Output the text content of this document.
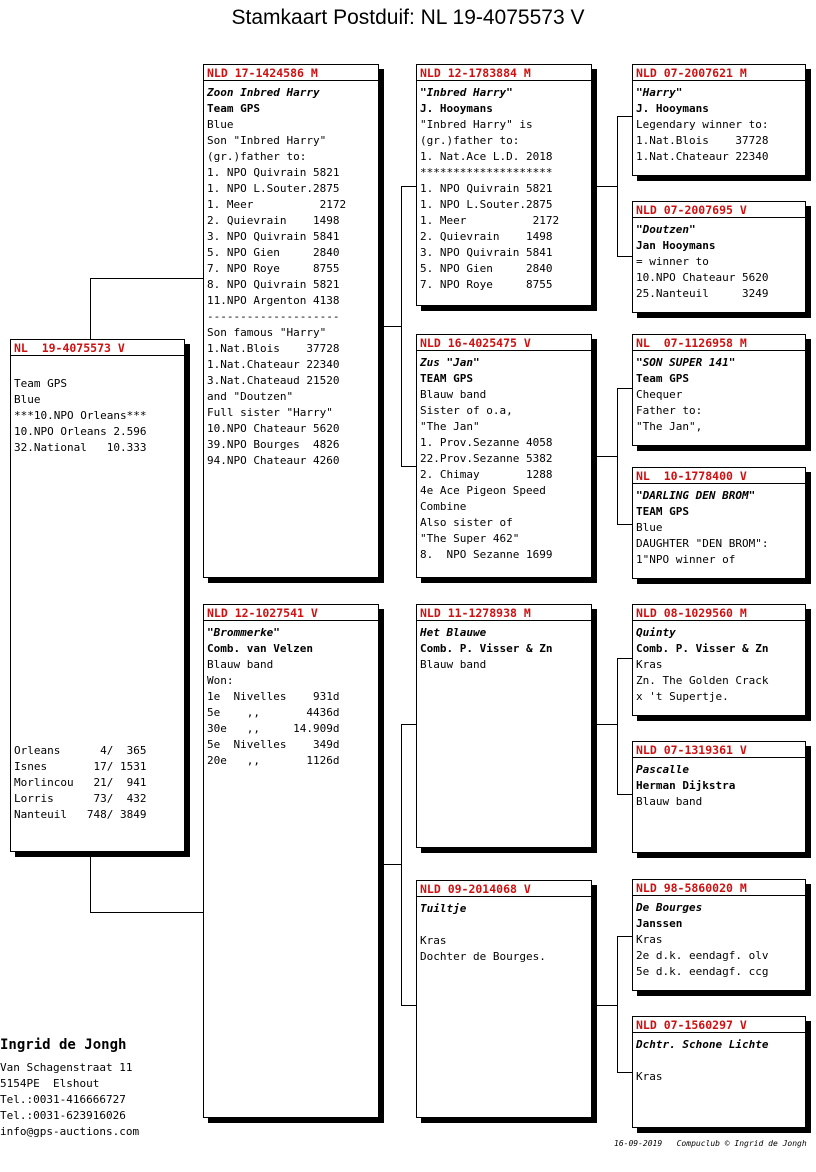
Stamkaart Postduif: NL 19-4075573 V
NL  19-4075573 V
Team GPS
Blue
***10.NPO Orleans***
10.NPO Orleans 2.596
32.National   10.333
Orleans      4/  365
Isnes       17/ 1531
Morlincou   21/  941
Lorris      73/  432
Nanteuil   748/ 3849
NLD 17-1424586 M
Zoon Inbred Harry
Team GPS
Blue
Son "Inbred Harry"
(gr.)father to:
1. NPO Quivrain 5821
1. NPO L.Souter.2875
1. Meer          2172
2. Quievrain    1498
3. NPO Quivrain 5841
5. NPO Gien     2840
7. NPO Roye     8755
8. NPO Quivrain 5821
11.NPO Argenton 4138
--------------------
Son famous "Harry"
1.Nat.Blois    37728
1.Nat.Chateaur 22340
3.Nat.Chateaud 21520
and "Doutzen"
Full sister "Harry"
10.NPO Chateaur 5620
39.NPO Bourges  4826
94.NPO Chateaur 4260
NLD 12-1027541 V
"Brommerke"
Comb. van Velzen
Blauw band
Won:
1e  Nivelles    931d
5e    ,,       4436d
30e   ,,     14.909d
5e  Nivelles    349d
20e   ,,       1126d
NLD 12-1783884 M
"Inbred Harry"
J. Hooymans
"Inbred Harry" is
(gr.)father to:
1. Nat.Ace L.D. 2018
********************
1. NPO Quivrain 5821
1. NPO L.Souter.2875
1. Meer          2172
2. Quievrain    1498
3. NPO Quivrain 5841
5. NPO Gien     2840
7. NPO Roye     8755
NLD 16-4025475 V
Zus "Jan"
TEAM GPS
Blauw band
Sister of o.a,
"The Jan"
1. Prov.Sezanne 4058
22.Prov.Sezanne 5382
2. Chimay       1288
4e Ace Pigeon Speed
Combine
Also sister of
"The Super 462"
8.  NPO Sezanne 1699
NLD 11-1278938 M
Het Blauwe
Comb. P. Visser & Zn
Blauw band
NLD 09-2014068 V
Tuiltje
Kras
Dochter de Bourges.
NLD 07-2007621 M
"Harry"
J. Hooymans
Legendary winner to:
1.Nat.Blois    37728
1.Nat.Chateaur 22340
NLD 07-2007695 V
"Doutzen"
Jan Hooymans
= winner to
10.NPO Chateaur 5620
25.Nanteuil     3249
NL  07-1126958 M
"SON SUPER 141"
Team GPS
Chequer
Father to:
"The Jan",
NL  10-1778400 V
"DARLING DEN BROM"
TEAM GPS
Blue
DAUGHTER "DEN BROM":
1"NPO winner of
NLD 08-1029560 M
Quinty
Comb. P. Visser & Zn
Kras
Zn. The Golden Crack
x 't Supertje.
NLD 07-1319361 V
Pascalle
Herman Dijkstra
Blauw band
NLD 98-5860020 M
De Bourges
Janssen
Kras
2e d.k. eendagf. olv
5e d.k. eendagf. ccg
NLD 07-1560297 V
Dchtr. Schone Lichte
Kras
Ingrid de Jongh
Van Schagenstraat 11
5154PE  Elshout
Tel.:0031-416666727
Tel.:0031-623916026
info@gps-auctions.com
16-09-2019   Compuclub © Ingrid de Jongh
